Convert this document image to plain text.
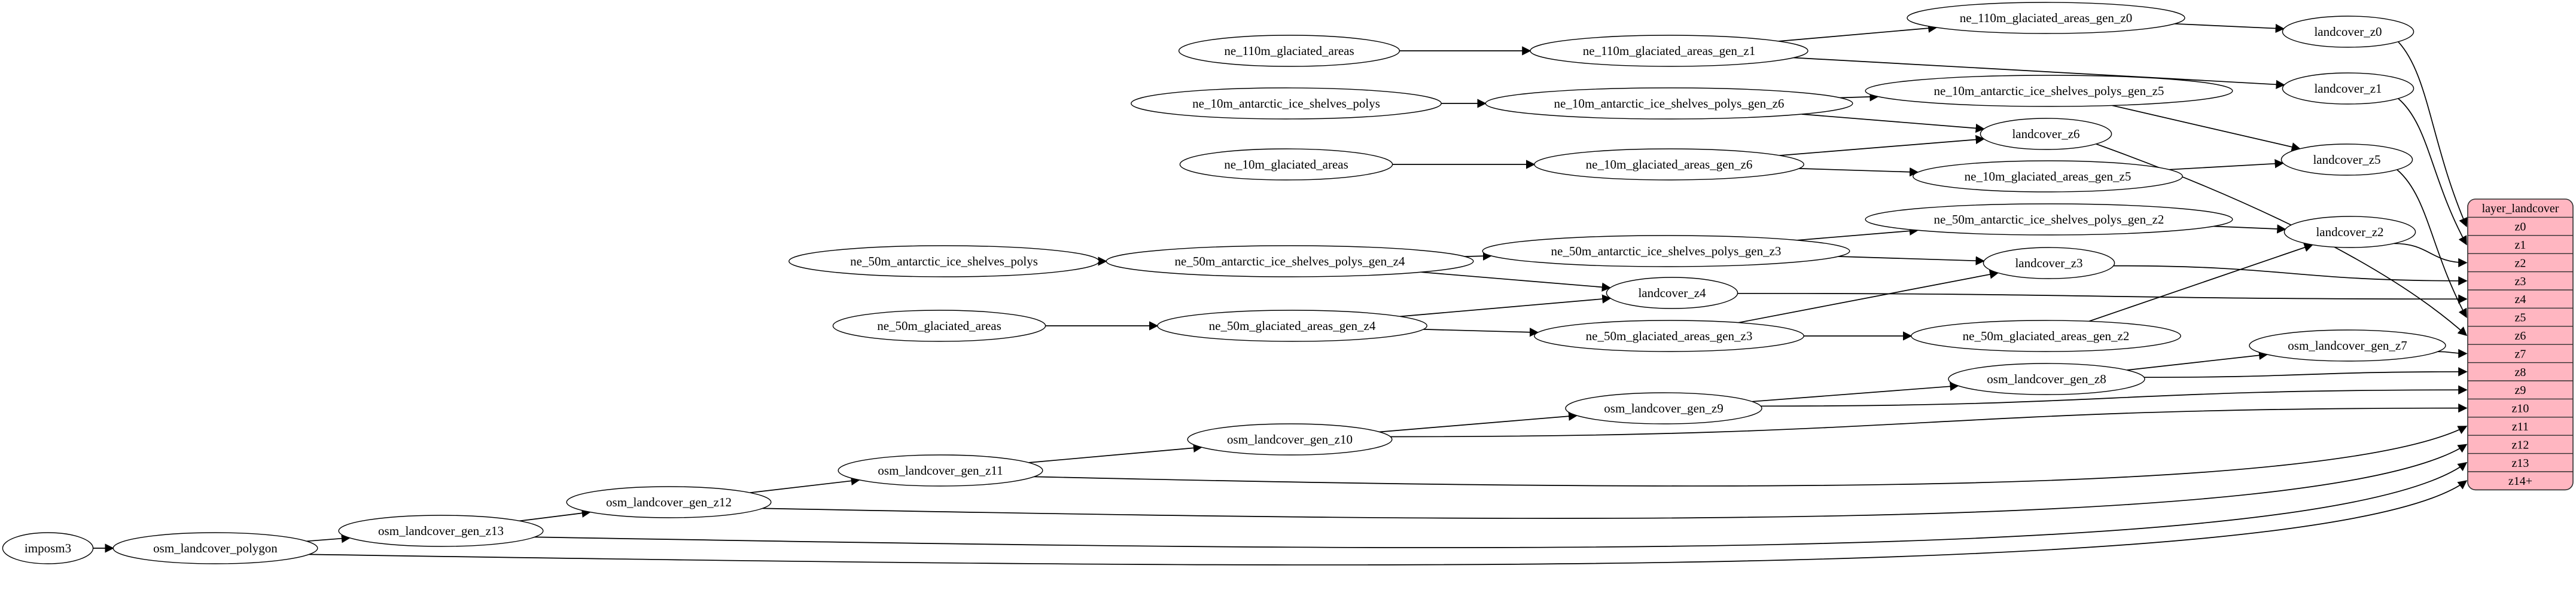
imposm3	osm_landcover_polygon
osm_landcover_gen_z13
osm_landcover_gen_z12
osm_landcover_gen_z11
osm_landcover_gen_z10
osm_landcover_gen_z9
osm_landcover_gen_z8
osm_landcover_gen_z7
ne_110m_glaciated_areas	ne_110m_glaciated_areas_gen_z1
ne_110m_glaciated_areas_gen_z0
ne_10m_antarctic_ice_shelves_polys	ne_10m_antarctic_ice_shelves_polys_gen_z6
ne_10m_antarctic_ice_shelves_polys_gen_z5
ne_10m_glaciated_areas	ne_10m_glaciated_areas_gen_z6
ne_10m_glaciated_areas_gen_z5
ne_50m_antarctic_ice_shelves_polys	ne_50m_antarctic_ice_shelves_polys_gen_z4
ne_50m_antarctic_ice_shelves_polys_gen_z3
ne_50m_antarctic_ice_shelves_polys_gen_z2
ne_50m_glaciated_areas	ne_50m_glaciated_areas_gen_z4
ne_50m_glaciated_areas_gen_z3	ne_50m_glaciated_areas_gen_z2
landcover_z0
landcover_z1
landcover_z2
landcover_z3
landcover_z4
landcover_z5
landcover_z6
layer_landcover
z0
z1
z2
z3
z4
z5
z6
z7
z8
z9
z10
z11
z12
z13
z14+
